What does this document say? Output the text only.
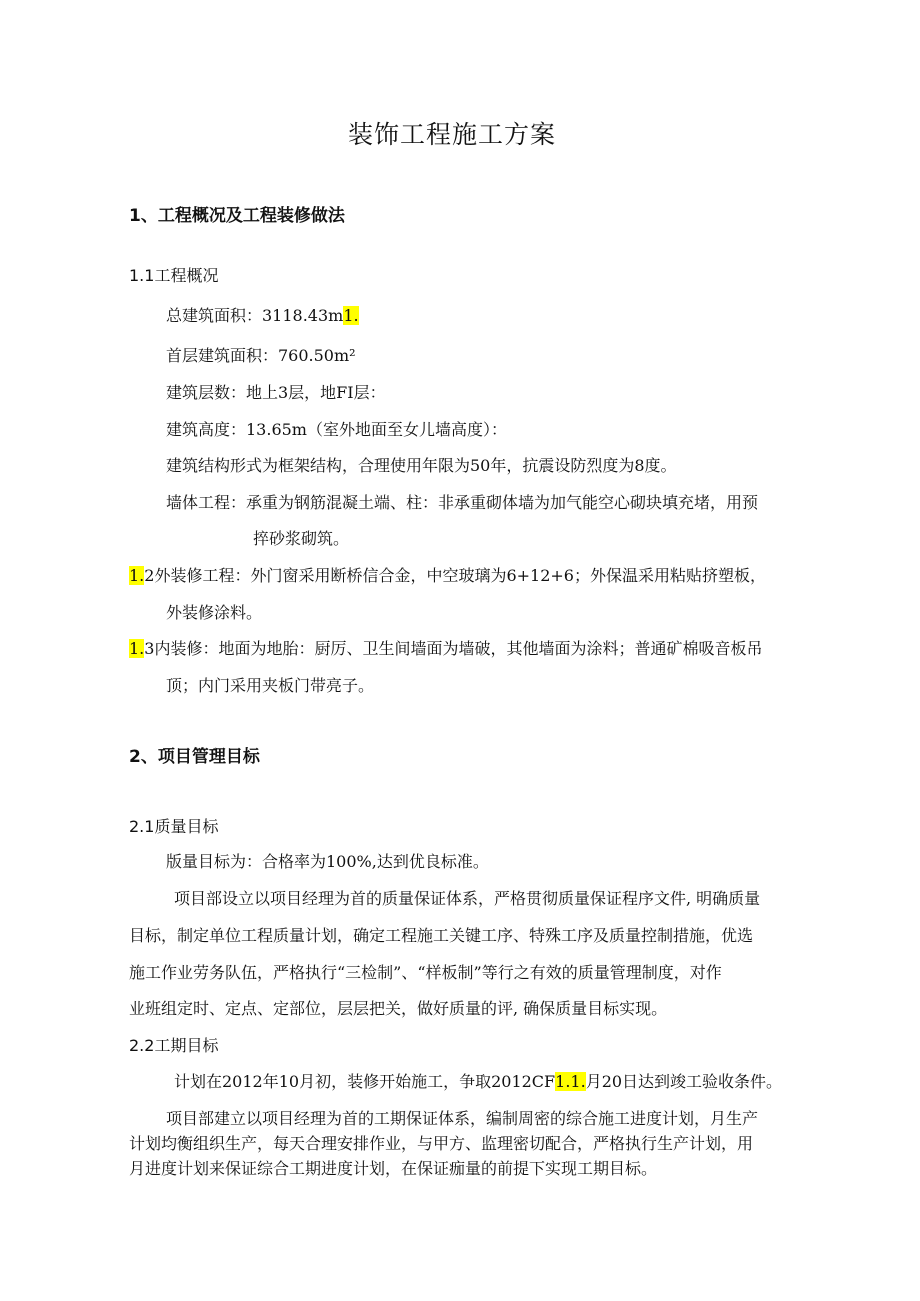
装饰工程施工方案
1、工程概况及工程装修做法
1.1工程概况
总建筑面积：3118.43m1.
首层建筑面积：760.50m²
建筑层数：地上3层，地FI层：
建筑高度：13.65m（室外地面至女儿墙高度）：
建筑结构形式为框架结构，合理使用年限为50年，抗震设防烈度为8度。
墙体工程：承重为钢筋混凝土端、柱：非承重砌体墙为加气能空心砌块填充堵，用预
捽砂浆砌筑。
1.2外装修工程：外门窗采用断桥信合金，中空玻璃为6+12+6；外保温采用粘贴挤塑板，
外装修涂料。
1.3内装修：地面为地胎：厨厉、卫生间墙面为墙破，其他墙面为涂料；普通矿棉吸音板吊
顶；内门采用夹板门带亮子。
2、项目管理目标
2.1质量目标
版量目标为：合格率为100%,达到优良标准。
项目部设立以项目经理为首的质量保证体系，严格贯彻质量保证程序文件, 明确质量
目标，制定单位工程质量计划，确定工程施工关键工序、特殊工序及质量控制措施，优选
施工作业劳务队伍，严格执行“三检制”、“样板制”等行之有效的质量管理制度，对作
业班组定时、定点、定部位，层层把关，做好质量的评, 确保质量目标实现。
2.2工期目标
计划在2012年10月初，装修开始施工，争取2012CF1.1.月20日达到竣工验收条件。
项目部建立以项目经理为首的工期保证体系，编制周密的综合施工进度计划，月生产
计划均衡组织生产，每天合理安排作业，与甲方、监理密切配合，严格执行生产计划，用
月进度计划来保证综合工期进度计划，在保证痂量的前提下实现工期目标。
